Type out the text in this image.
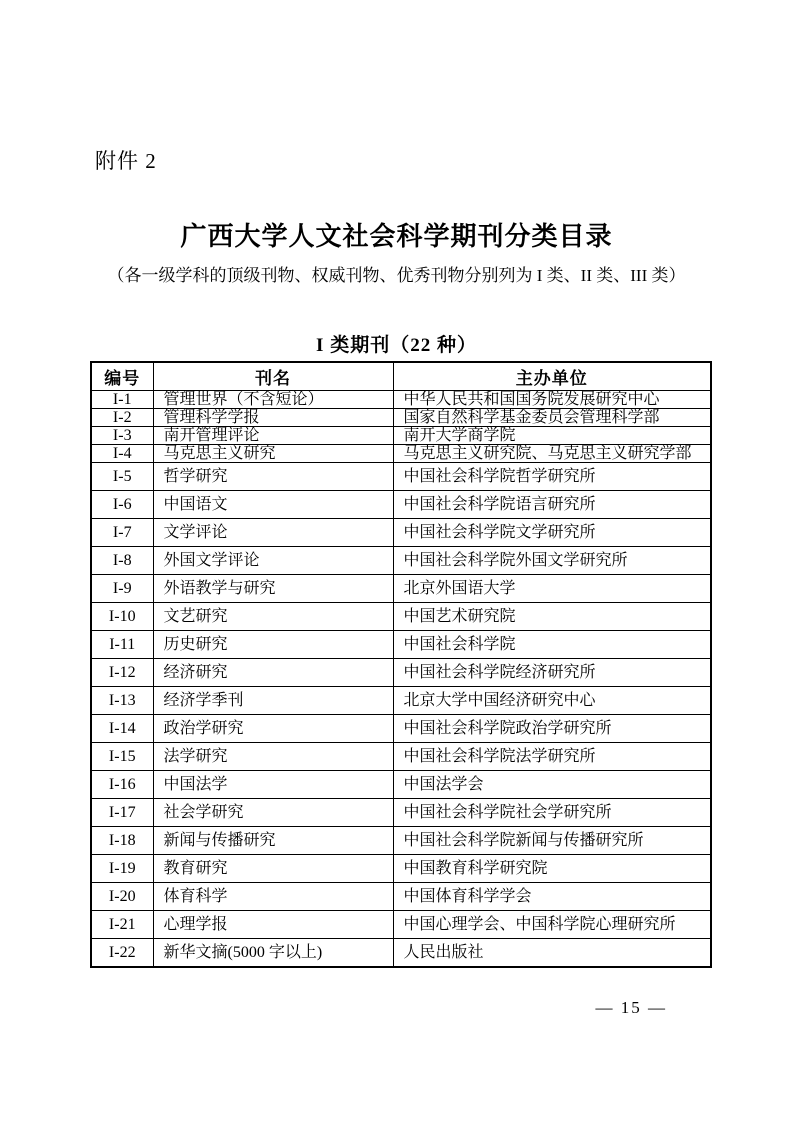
附件 2
广西大学人文社会科学期刊分类目录
（各一级学科的顶级刊物、权威刊物、优秀刊物分别列为 I 类、II 类、III 类）
I 类期刊（22 种）
编号	刊名	主办单位
I-1	管理世界（不含短论）	中华人民共和国国务院发展研究中心
I-2	管理科学学报	国家自然科学基金委员会管理科学部
I-3	南开管理评论	南开大学商学院
I-4	马克思主义研究	马克思主义研究院、马克思主义研究学部
I-5	哲学研究	中国社会科学院哲学研究所
I-6	中国语文	中国社会科学院语言研究所
I-7	文学评论	中国社会科学院文学研究所
I-8	外国文学评论	中国社会科学院外国文学研究所
I-9	外语教学与研究	北京外国语大学
I-10	文艺研究	中国艺术研究院
I-11	历史研究	中国社会科学院
I-12	经济研究	中国社会科学院经济研究所
I-13	经济学季刊	北京大学中国经济研究中心
I-14	政治学研究	中国社会科学院政治学研究所
I-15	法学研究	中国社会科学院法学研究所
I-16	中国法学	中国法学会
I-17	社会学研究	中国社会科学院社会学研究所
I-18	新闻与传播研究	中国社会科学院新闻与传播研究所
I-19	教育研究	中国教育科学研究院
I-20	体育科学	中国体育科学学会
I-21	心理学报	中国心理学会、中国科学院心理研究所
I-22	新华文摘(5000 字以上)	人民出版社
— 15 —
